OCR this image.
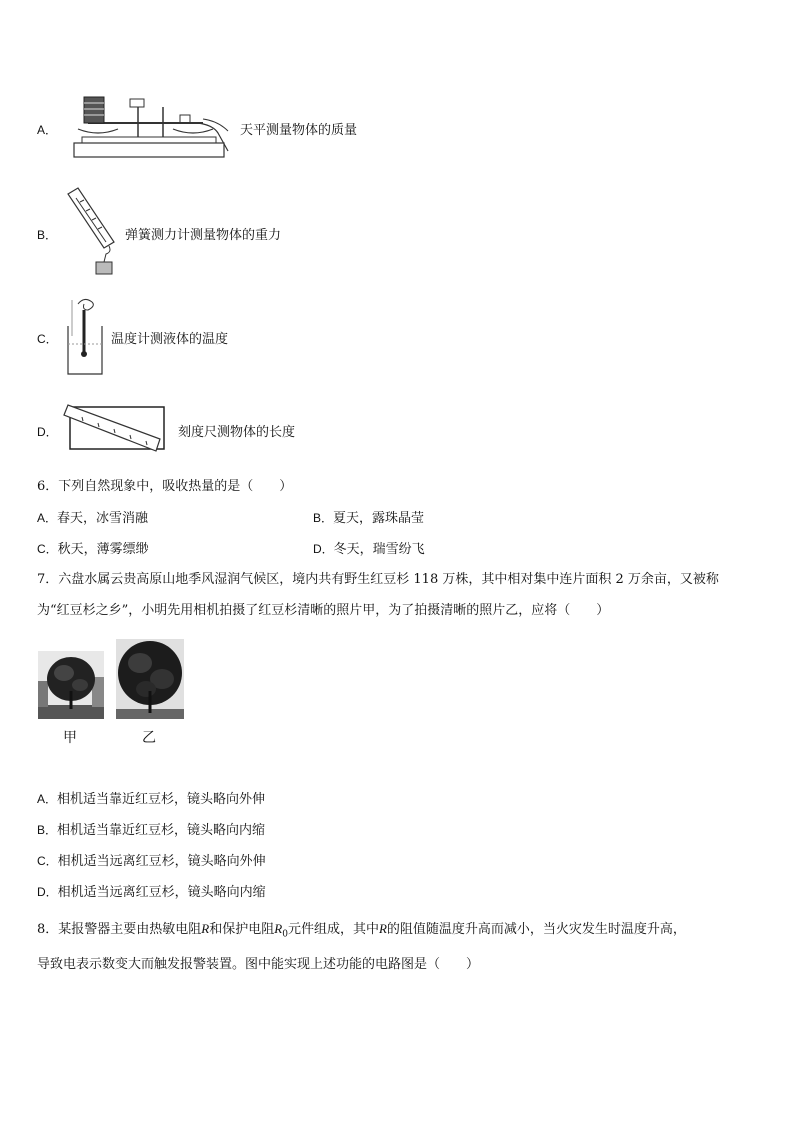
A．	天平测量物体的质量
B．	弹簧测力计测量物体的重力
C．	温度计测液体的温度
D．	刻度尺测物体的长度
6．下列自然现象中，吸收热量的是（　　）
A．春天，冰雪消融	B．夏天，露珠晶莹
C．秋天，薄雾缥缈	D．冬天，瑞雪纷飞
7．六盘水属云贵高原山地季风湿润气候区，境内共有野生红豆杉 118 万株，其中相对集中连片面积 2 万余亩，又被称
为“红豆杉之乡”，小明先用相机拍摄了红豆杉清晰的照片甲，为了拍摄清晰的照片乙，应将（　　）
甲	乙
A．相机适当靠近红豆杉，镜头略向外伸
B．相机适当靠近红豆杉，镜头略向内缩
C．相机适当远离红豆杉，镜头略向外伸
D．相机适当远离红豆杉，镜头略向内缩
8．某报警器主要由热敏电阻R和保护电阻$R_0$元件组成，其中R的阻值随温度升高而减小，当火灾发生时温度升高，
导致电表示数变大而触发报警装置。图中能实现上述功能的电路图是（　　）
